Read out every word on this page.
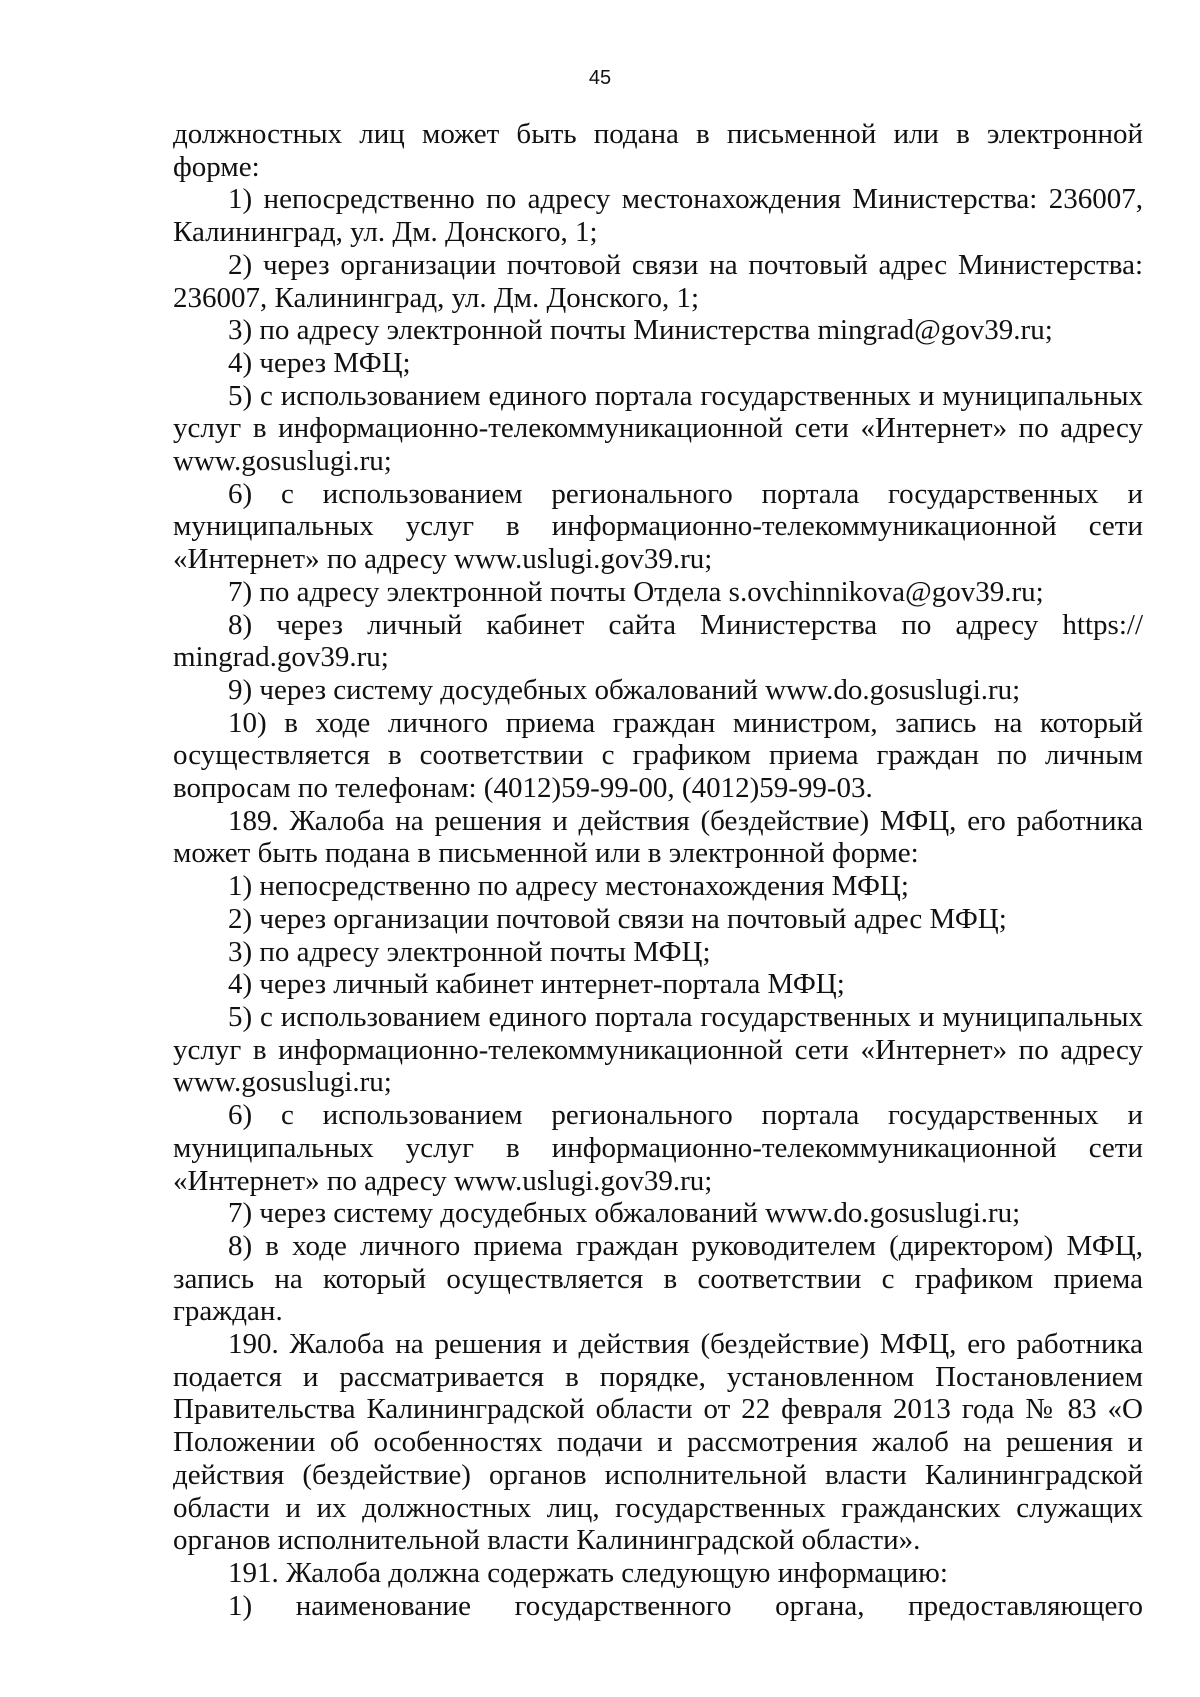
45

должностных лиц может быть подана в письменной или в электронной форме:

1) непосредственно по адресу местонахождения Министерства: 236007, Калининград, ул. Дм. Донского, 1;

2) через организации почтовой связи на почтовый адрес Министерства: 236007, Калининград, ул. Дм. Донского, 1;

3) по адресу электронной почты Министерства mingrad@gov39.ru;

4) через МФЦ;

5) с использованием единого портала государственных и муниципальных услуг в информационно-телекоммуникационной сети «Интернет» по адресу www.gosuslugi.ru;

6) с использованием регионального портала государственных и муниципальных услуг в информационно-телекоммуникационной сети «Интернет» по адресу www.uslugi.gov39.ru;

7) по адресу электронной почты Отдела s.ovchinnikova@gov39.ru;

8) через личный кабинет сайта Министерства по адресу https:// mingrad.gov39.ru;

9) через систему досудебных обжалований www.do.gosuslugi.ru;

10) в ходе личного приема граждан министром, запись на который осуществляется в соответствии с графиком приема граждан по личным вопросам по телефонам: (4012)59-99-00, (4012)59-99-03.

189. Жалоба на решения и действия (бездействие) МФЦ, его работника может быть подана в письменной или в электронной форме:

1) непосредственно по адресу местонахождения МФЦ;

2) через организации почтовой связи на почтовый адрес МФЦ;

3) по адресу электронной почты МФЦ;

4) через личный кабинет интернет-портала МФЦ;

5) с использованием единого портала государственных и муниципальных услуг в информационно-телекоммуникационной сети «Интернет» по адресу www.gosuslugi.ru;

6) с использованием регионального портала государственных и муниципальных услуг в информационно-телекоммуникационной сети «Интернет» по адресу www.uslugi.gov39.ru;

7) через систему досудебных обжалований www.do.gosuslugi.ru;

8) в ходе личного приема граждан руководителем (директором) МФЦ, запись на который осуществляется в соответствии с графиком приема граждан.

190. Жалоба на решения и действия (бездействие) МФЦ, его работника подается и рассматривается в порядке, установленном Постановлением Правительства Калининградской области от 22 февраля 2013 года № 83 «О Положении об особенностях подачи и рассмотрения жалоб на решения и действия (бездействие) органов исполнительной власти Калининградской области и их должностных лиц, государственных гражданских служащих органов исполнительной власти Калининградской области».

191. Жалоба должна содержать следующую информацию:

1) наименование государственного органа, предоставляющего
